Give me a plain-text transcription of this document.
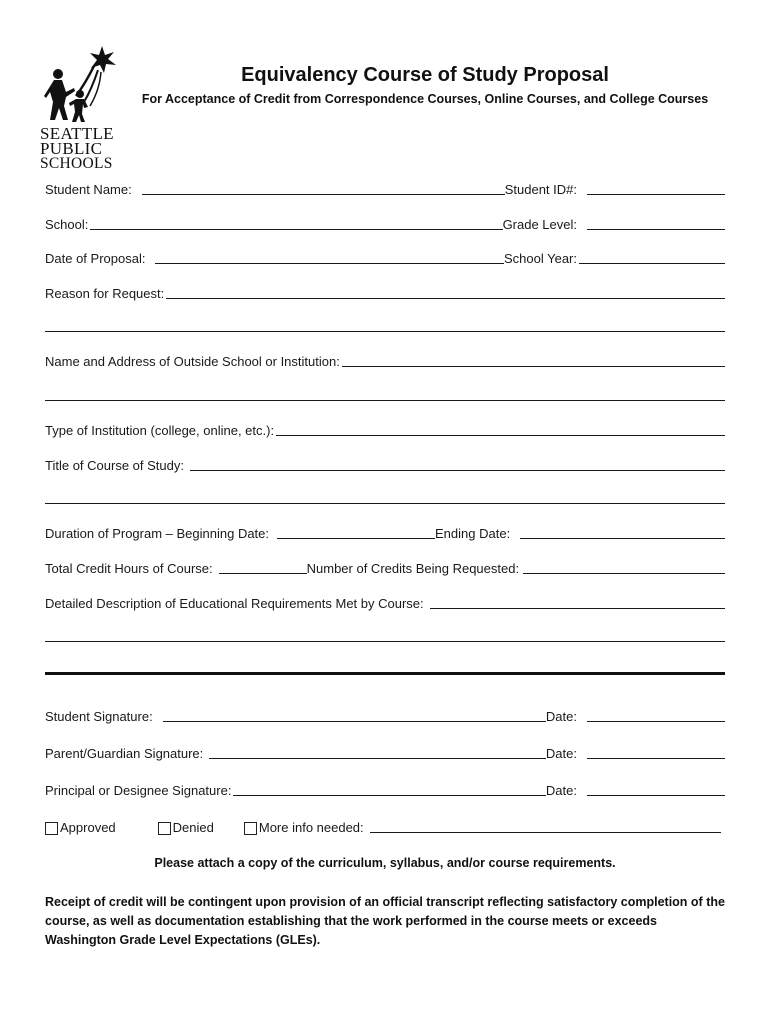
SEATTLE
PUBLIC
SCHOOLS
Equivalency Course of Study Proposal
For Acceptance of Credit from Correspondence Courses, Online Courses, and College Courses
Student Name:	Student ID#:
School:	Grade Level:
Date of Proposal:	School Year:
Reason for Request:
Name and Address of Outside School or Institution:
Type of Institution (college, online, etc.):
Title of Course of Study:
Duration of Program – Beginning Date:	Ending Date:
Total Credit Hours of Course:	Number of Credits Being Requested:
Detailed Description of Educational Requirements Met by Course:
Student Signature:	Date:
Parent/Guardian Signature:	Date:
Principal or Designee Signature:	Date:
Approved	Denied	More info needed:
Please attach a copy of the curriculum, syllabus, and/or course requirements.
Receipt of credit will be contingent upon provision of an official transcript reflecting satisfactory completion of the course, as well as documentation establishing that the work performed in the course meets or exceeds Washington Grade Level Expectations (GLEs).
